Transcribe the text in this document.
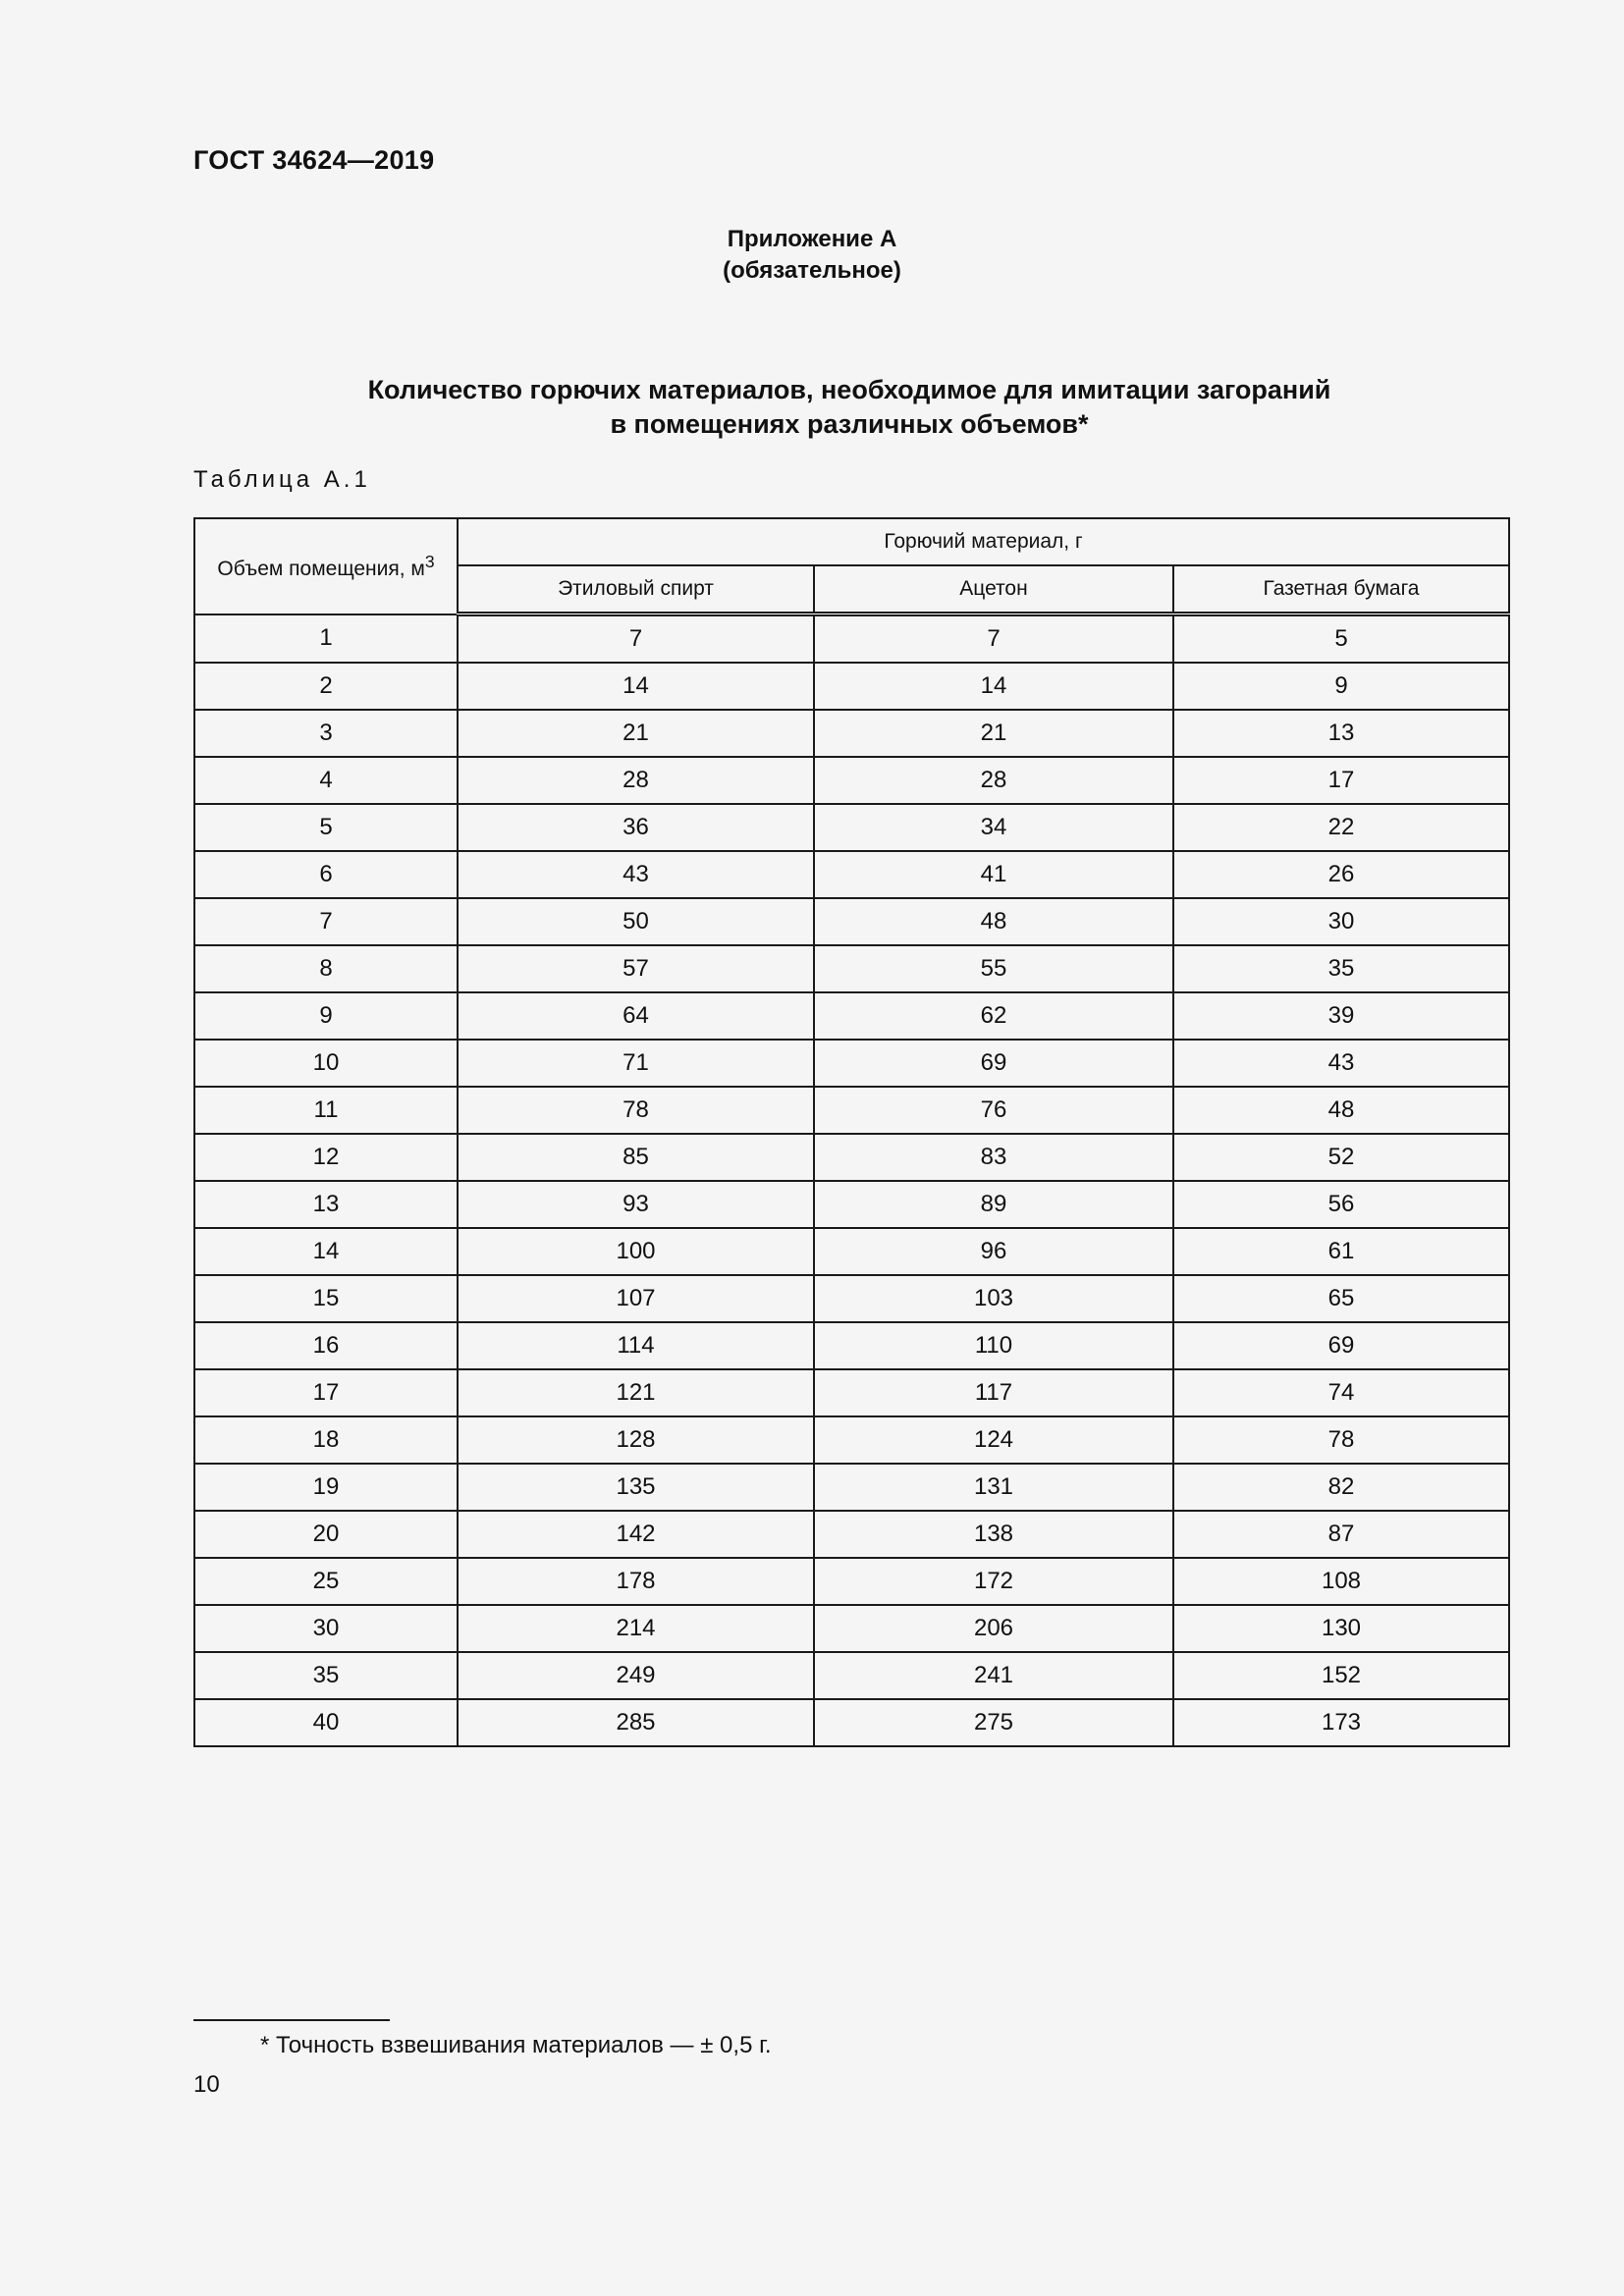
ГОСТ 34624—2019
Приложение А
(обязательное)
Количество горючих материалов, необходимое для имитации загораний
в помещениях различных объемов*
Таблица А.1
Объем помещения, $м^3$	Горючий материал, г		
	Этиловый спирт	Ацетон	Газетная бумага
1	7	7	5
2	14	14	9
3	21	21	13
4	28	28	17
5	36	34	22
6	43	41	26
7	50	48	30
8	57	55	35
9	64	62	39
10	71	69	43
11	78	76	48
12	85	83	52
13	93	89	56
14	100	96	61
15	107	103	65
16	114	110	69
17	121	117	74
18	128	124	78
19	135	131	82
20	142	138	87
25	178	172	108
30	214	206	130
35	249	241	152
40	285	275	173
* Точность взвешивания материалов — ± 0,5 г.
10
